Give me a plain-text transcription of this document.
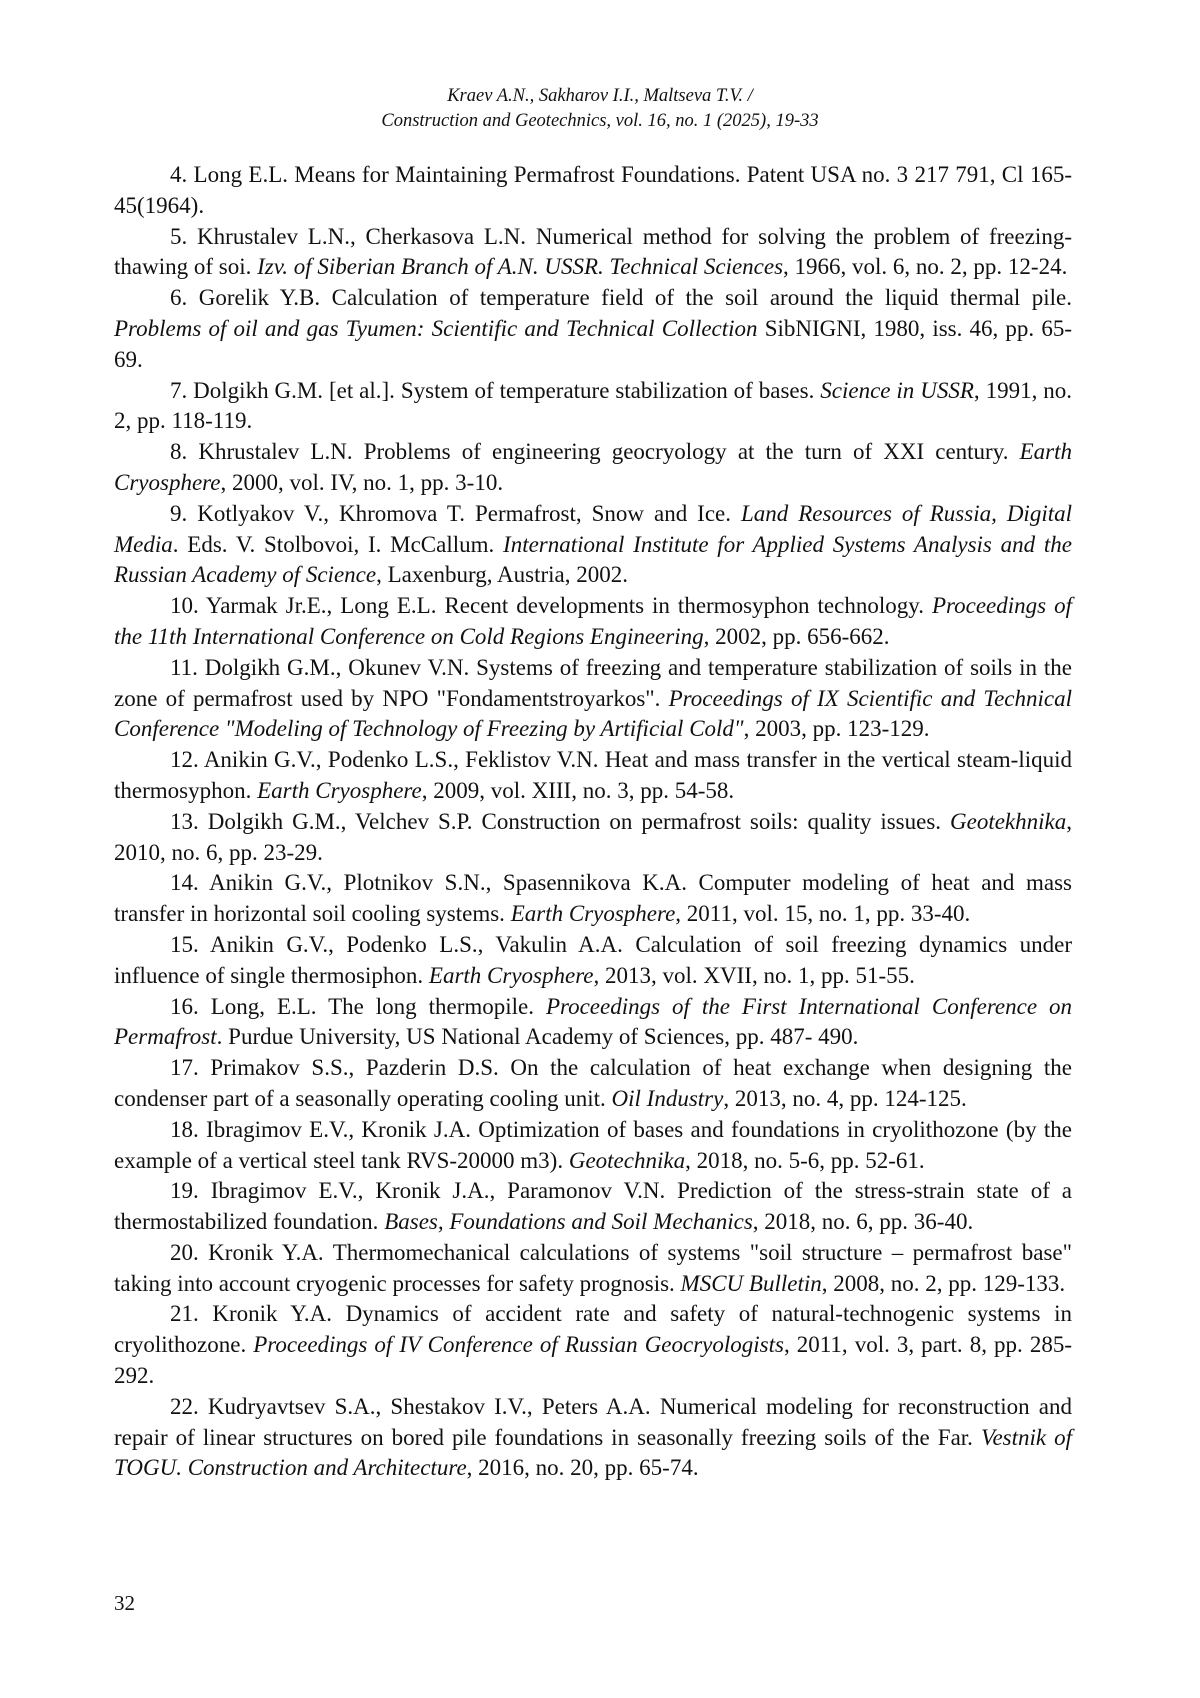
Kraev A.N., Sakharov I.I., Maltseva T.V. /
Construction and Geotechnics, vol. 16, no. 1 (2025), 19-33

4. Long E.L. Means for Maintaining Permafrost Foundations. Patent USA no. 3 217 791, Cl 165-45(1964).

5. Khrustalev L.N., Cherkasova L.N. Numerical method for solving the problem of freezing-thawing of soi. Izv. of Siberian Branch of A.N. USSR. Technical Sciences, 1966, vol. 6, no. 2, pp. 12-24.

6. Gorelik Y.B. Calculation of temperature field of the soil around the liquid thermal pile. Problems of oil and gas Tyumen: Scientific and Technical Collection SibNIGNI, 1980, iss. 46, pp. 65-69.

7. Dolgikh G.M. [et al.]. System of temperature stabilization of bases. Science in USSR, 1991, no. 2, pp. 118-119.

8. Khrustalev L.N. Problems of engineering geocryology at the turn of XXI century. Earth Cryosphere, 2000, vol. IV, no. 1, pp. 3-10.

9. Kotlyakov V., Khromova T. Permafrost, Snow and Ice. Land Resources of Russia, Digital Media. Eds. V. Stolbovoi, I. McCallum. International Institute for Applied Systems Analysis and the Russian Academy of Science, Laxenburg, Austria, 2002.

10. Yarmak Jr.E., Long E.L. Recent developments in thermosyphon technology. Proceedings of the 11th International Conference on Cold Regions Engineering, 2002, pp. 656-662.

11. Dolgikh G.M., Okunev V.N. Systems of freezing and temperature stabilization of soils in the zone of permafrost used by NPO "Fondamentstroyarkos". Proceedings of IX Scientific and Technical Conference "Modeling of Technology of Freezing by Artificial Cold", 2003, pp. 123-129.

12. Anikin G.V., Podenko L.S., Feklistov V.N. Heat and mass transfer in the vertical steam-liquid thermosyphon. Earth Cryosphere, 2009, vol. XIII, no. 3, pp. 54-58.

13. Dolgikh G.M., Velchev S.P. Construction on permafrost soils: quality issues. Geotekhnika, 2010, no. 6, pp. 23-29.

14. Anikin G.V., Plotnikov S.N., Spasennikova K.A. Computer modeling of heat and mass transfer in horizontal soil cooling systems. Earth Cryosphere, 2011, vol. 15, no. 1, pp. 33-40.

15. Anikin G.V., Podenko L.S., Vakulin A.A. Calculation of soil freezing dynamics under influence of single thermosiphon. Earth Cryosphere, 2013, vol. XVII, no. 1, pp. 51-55.

16. Long, E.L. The long thermopile. Proceedings of the First International Conference on Permafrost. Purdue University, US National Academy of Sciences, pp. 487- 490.

17. Primakov S.S., Pazderin D.S. On the calculation of heat exchange when designing the condenser part of a seasonally operating cooling unit. Oil Industry, 2013, no. 4, pp. 124-125.

18. Ibragimov E.V., Kronik J.A. Optimization of bases and foundations in cryolithozone (by the example of a vertical steel tank RVS-20000 m3). Geotechnika, 2018, no. 5-6, pp. 52-61.

19. Ibragimov E.V., Kronik J.A., Paramonov V.N. Prediction of the stress-strain state of a thermostabilized foundation. Bases, Foundations and Soil Mechanics, 2018, no. 6, pp. 36-40.

20. Kronik Y.A. Thermomechanical calculations of systems "soil structure – permafrost base" taking into account cryogenic processes for safety prognosis. MSCU Bulletin, 2008, no. 2, pp. 129-133.

21. Kronik Y.A. Dynamics of accident rate and safety of natural-technogenic systems in cryolithozone. Proceedings of IV Conference of Russian Geocryologists, 2011, vol. 3, part. 8, pp. 285-292.

22. Kudryavtsev S.A., Shestakov I.V., Peters A.A. Numerical modeling for reconstruction and repair of linear structures on bored pile foundations in seasonally freezing soils of the Far. Vestnik of TOGU. Construction and Architecture, 2016, no. 20, pp. 65-74.

32
